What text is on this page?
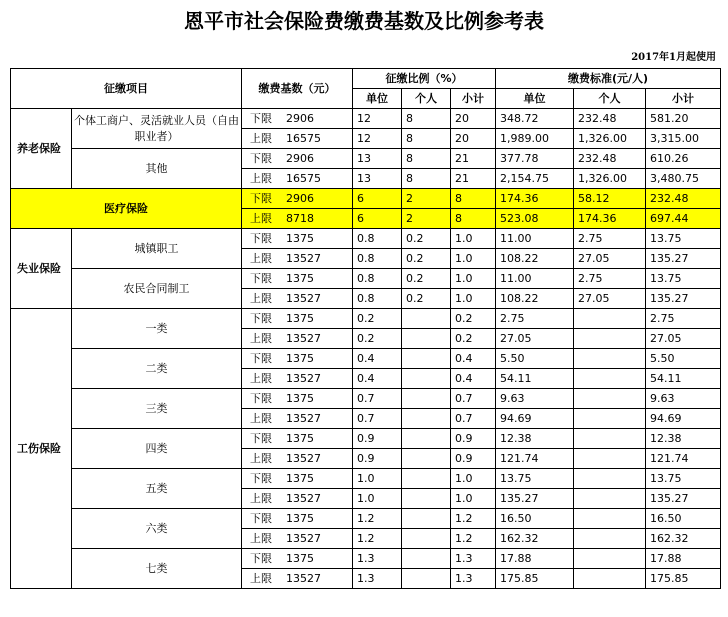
恩平市社会保险费缴费基数及比例参考表
2017年1月起使用
征缴项目		缴费基数（元）	征缴比例（%）			缴费标准(元/人)		
			单位	个人	小计	单位	个人	小计
养老保险	个体工商户、灵活就业人员（自由职业者）	下限 2906	12	8	20	348.72	232.48	581.20
		上限 16575	12	8	20	1,989.00	1,326.00	3,315.00
	其他	下限 2906	13	8	21	377.78	232.48	610.26
		上限 16575	13	8	21	2,154.75	1,326.00	3,480.75
医疗保险		下限 2906	6	2	8	174.36	58.12	232.48
		上限 8718	6	2	8	523.08	174.36	697.44
失业保险	城镇职工	下限 1375	0.8	0.2	1.0	11.00	2.75	13.75
		上限 13527	0.8	0.2	1.0	108.22	27.05	135.27
	农民合同制工	下限 1375	0.8	0.2	1.0	11.00	2.75	13.75
		上限 13527	0.8	0.2	1.0	108.22	27.05	135.27
工伤保险	一类	下限 1375	0.2		0.2	2.75		2.75
		上限 13527	0.2		0.2	27.05		27.05
	二类	下限 1375	0.4		0.4	5.50		5.50
		上限 13527	0.4		0.4	54.11		54.11
	三类	下限 1375	0.7		0.7	9.63		9.63
		上限 13527	0.7		0.7	94.69		94.69
	四类	下限 1375	0.9		0.9	12.38		12.38
		上限 13527	0.9		0.9	121.74		121.74
	五类	下限 1375	1.0		1.0	13.75		13.75
		上限 13527	1.0		1.0	135.27		135.27
	六类	下限 1375	1.2		1.2	16.50		16.50
		上限 13527	1.2		1.2	162.32		162.32
	七类	下限 1375	1.3		1.3	17.88		17.88
		上限 13527	1.3		1.3	175.85		175.85
